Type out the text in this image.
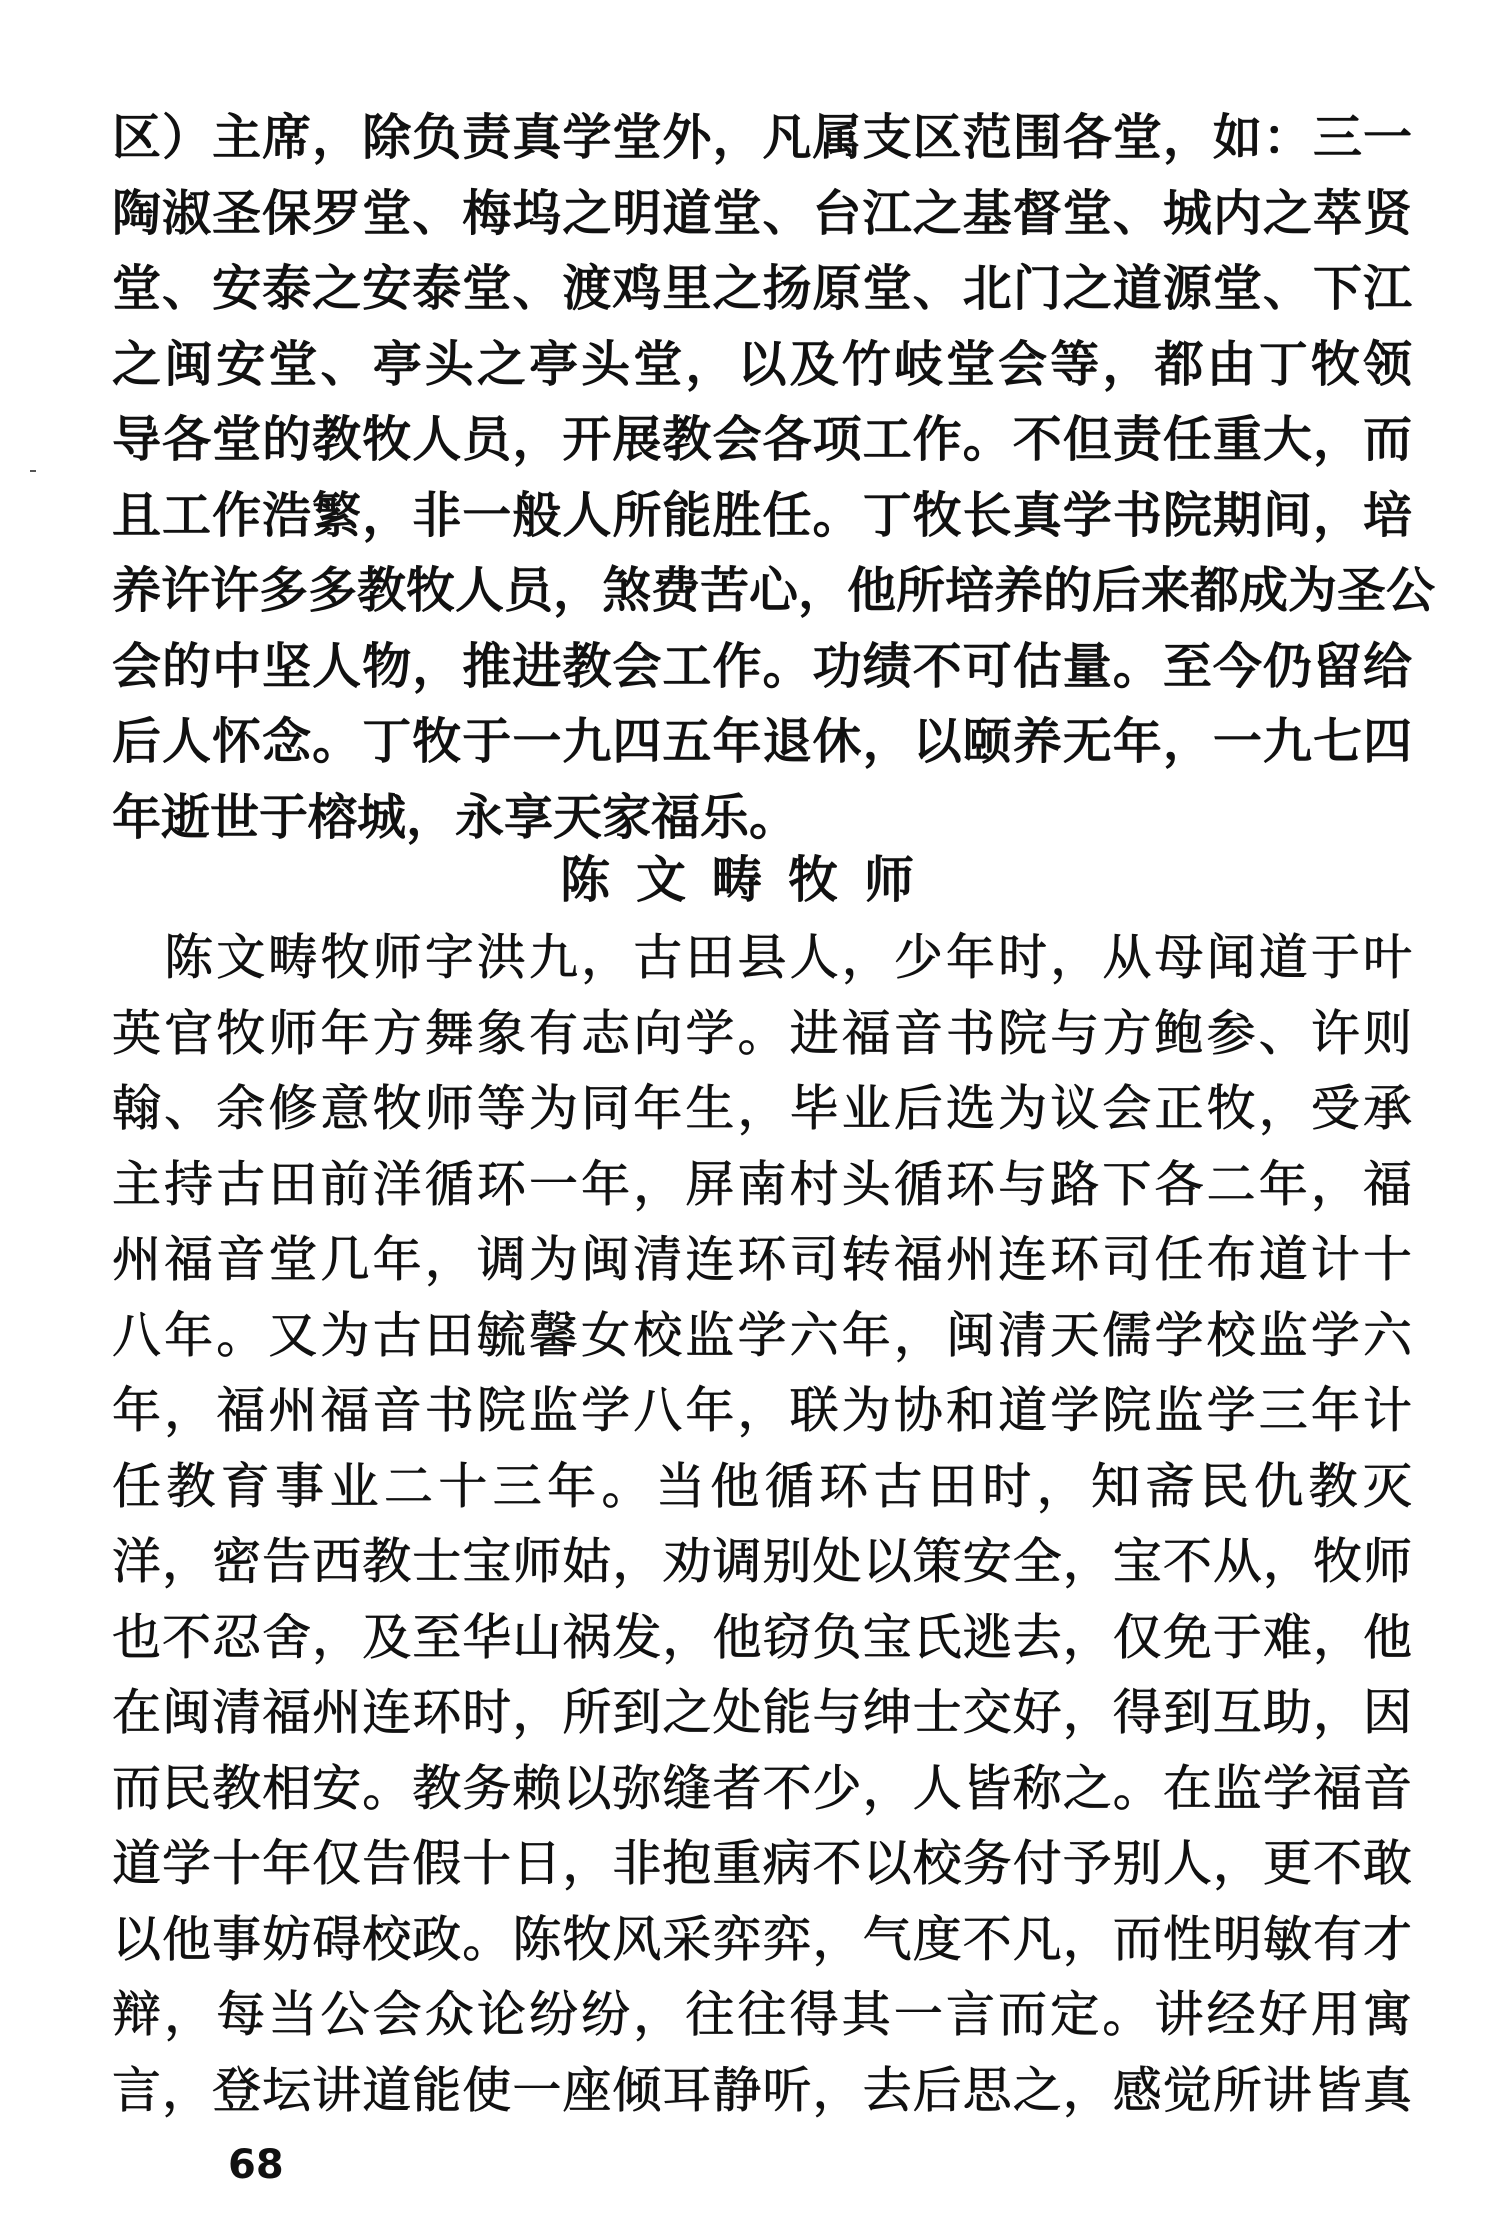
区）主席，除负责真学堂外，凡属支区范围各堂，如：三一
陶淑圣保罗堂、梅坞之明道堂、台江之基督堂、城内之萃贤
堂、安泰之安泰堂、渡鸡里之扬原堂、北门之道源堂、下江
之闽安堂、亭头之亭头堂，以及竹岐堂会等，都由丁牧领
导各堂的教牧人员，开展教会各项工作。不但责任重大，而
且工作浩繁，非一般人所能胜任。丁牧长真学书院期间，培
养许许多多教牧人员，煞费苦心，他所培养的后来都成为圣公
会的中坚人物，推进教会工作。功绩不可估量。至今仍留给
后人怀念。丁牧于一九四五年退休，以颐养无年，一九七四
年逝世于榕城，永享天家福乐。
陈文畴牧师
　陈文畴牧师字洪九，古田县人，少年时，从母闻道于叶
英官牧师年方舞象有志向学。进福音书院与方鲍参、许则
翰、余修意牧师等为同年生，毕业后选为议会正牧，受承
主持古田前洋循环一年，屏南村头循环与路下各二年，福
州福音堂几年，调为闽清连环司转福州连环司任布道计十
八年。又为古田毓馨女校监学六年，闽清天儒学校监学六
年，福州福音书院监学八年，联为协和道学院监学三年计
任教育事业二十三年。当他循环古田时，知斋民仇教灭
洋，密告西教士宝师姑，劝调别处以策安全，宝不从，牧师
也不忍舍，及至华山祸发，他窃负宝氏逃去，仅免于难，他
在闽清福州连环时，所到之处能与绅士交好，得到互助，因
而民教相安。教务赖以弥缝者不少，人皆称之。在监学福音
道学十年仅告假十日，非抱重病不以校务付予别人，更不敢
以他事妨碍校政。陈牧风采弈弈，气度不凡，而性明敏有才
辩，每当公会众论纷纷，往往得其一言而定。讲经好用寓
言，登坛讲道能使一座倾耳静听，去后思之，感觉所讲皆真
68
